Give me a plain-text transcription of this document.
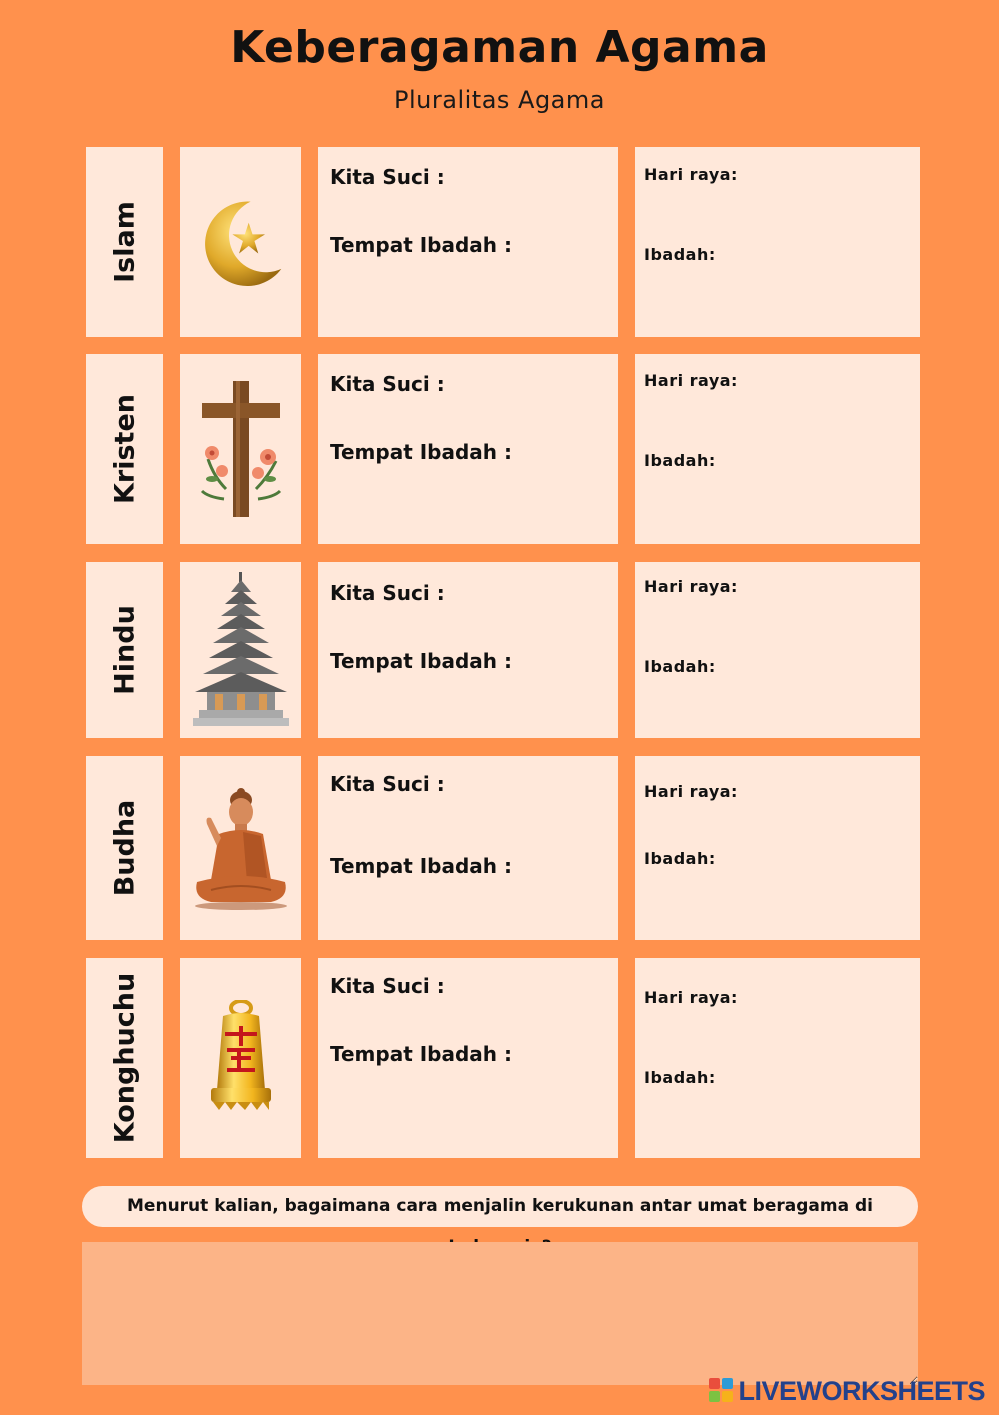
Keberagaman Agama
Pluralitas Agama
Islam
Kita Suci :
Tempat Ibadah :
Hari raya:
Ibadah:
Kristen
Kita Suci :
Tempat Ibadah :
Hari raya:
Ibadah:
Hindu
Kita Suci :
Tempat Ibadah :
Hari raya:
Ibadah:
Budha
Kita Suci :
Tempat Ibadah :
Hari raya:
Ibadah:
Konghuchu	Kita Suci :
Tempat Ibadah :
Hari raya:
Ibadah:
Menurut kalian, bagaimana cara menjalin kerukunan antar umat beragama di
LIVEWORKSHEETS
